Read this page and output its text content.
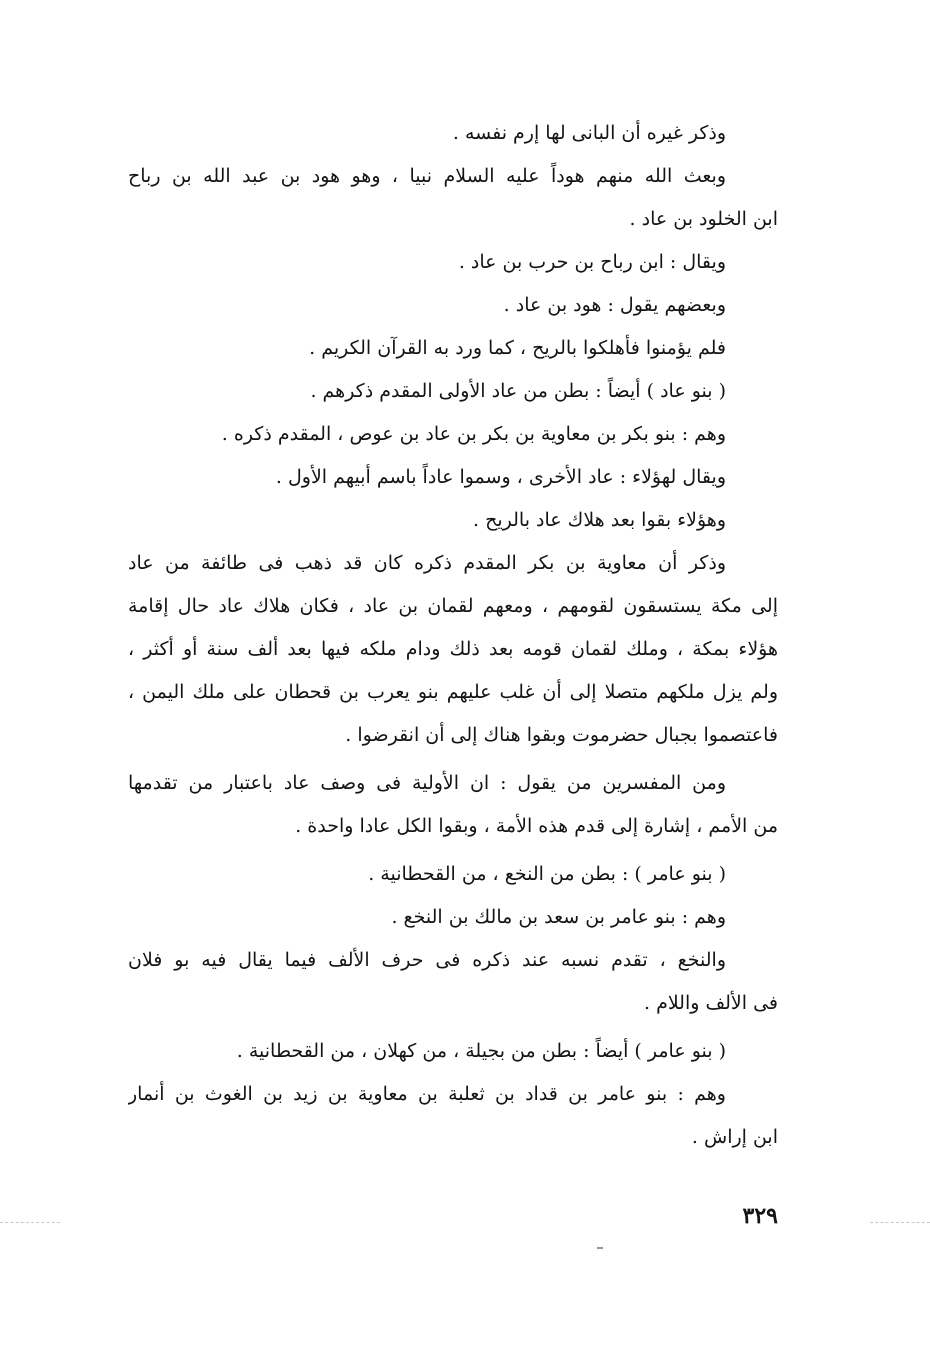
وذكر غيره أن البانى لها إرم نفسه .
وبعث الله منهم هوداً عليه السلام نبيا ، وهو هود بن عبد الله بن رباح
ابن الخلود بن عاد .
ويقال : ابن رباح بن حرب بن عاد .
وبعضهم يقول : هود بن عاد .
فلم يؤمنوا فأهلكوا بالريح ، كما ورد به القرآن الكريم .
( بنو عاد ) أيضاً : بطن من عاد الأولى المقدم ذكرهم .
وهم : بنو بكر بن معاوية بن بكر بن عاد بن عوص ، المقدم ذكره .
ويقال لهؤلاء : عاد الأخرى ، وسموا عاداً باسم أبيهم الأول .
وهؤلاء بقوا بعد هلاك عاد بالريح .
وذكر أن معاوية بن بكر المقدم ذكره كان قد ذهب فى طائفة من عاد
إلى مكة يستسقون لقومهم ، ومعهم لقمان بن عاد ، فكان هلاك عاد حال إقامة
هؤلاء بمكة ، وملك لقمان قومه بعد ذلك ودام ملكه فيها بعد ألف سنة أو أكثر ،
ولم يزل ملكهم متصلا إلى أن غلب عليهم بنو يعرب بن قحطان على ملك اليمن ،
فاعتصموا بجبال حضرموت وبقوا هناك إلى أن انقرضوا .
ومن المفسرين من يقول : ان الأولية فى وصف عاد باعتبار من تقدمها
من الأمم ، إشارة إلى قدم هذه الأمة ، وبقوا الكل عادا واحدة .
( بنو عامر ) : بطن من النخع ، من القحطانية .
وهم : بنو عامر بن سعد بن مالك بن النخع .
والنخع ، تقدم نسبه عند ذكره فى حرف الألف فيما يقال فيه بو فلان
فى الألف واللام .
( بنو عامر ) أيضاً : بطن من بجيلة ، من كهلان ، من القحطانية .
وهم : بنو عامر بن قداد بن ثعلبة بن معاوية بن زيد بن الغوث بن أنمار
ابن إراش .
٣٢٩
